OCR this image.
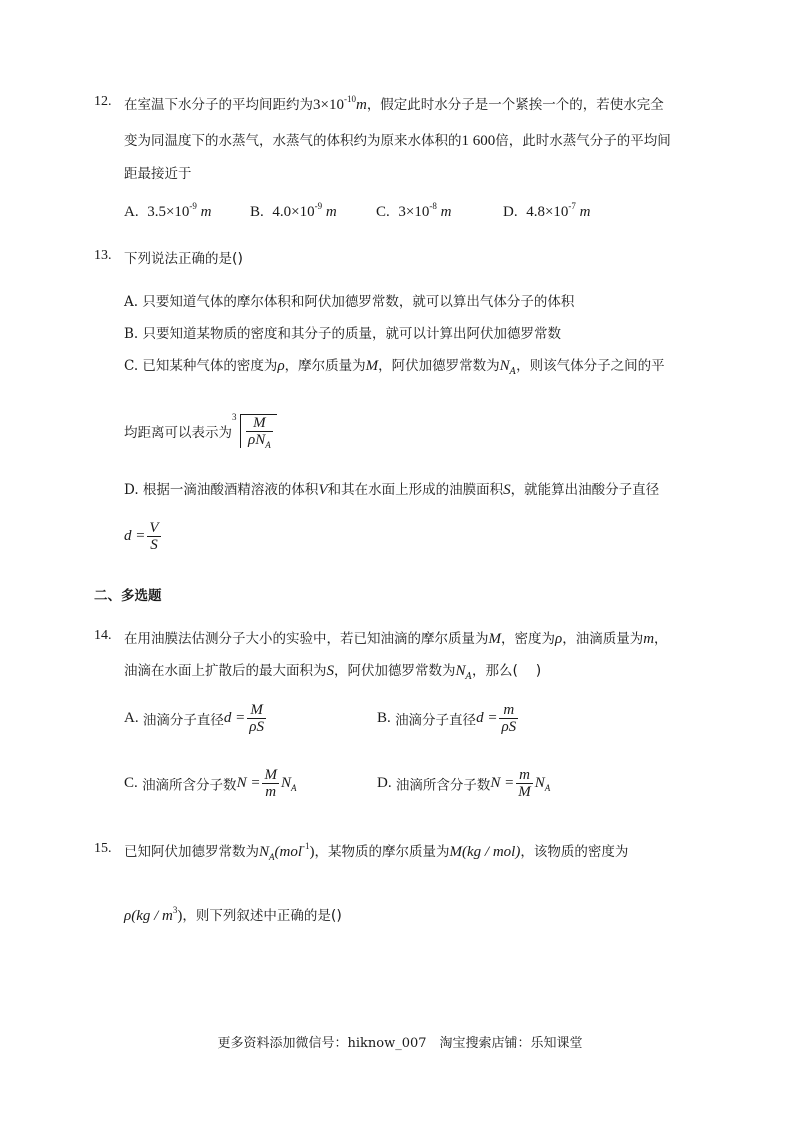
12. 在室温下水分子的平均间距约为$3\times 10^{-10}m$，假定此时水分子是一个紧挨一个的，若使水完全
变为同温度下的水蒸气，水蒸气的体积约为原来水体积的1 600倍，此时水蒸气分子的平均间
距最接近于
A. $3.5\times 10^{-9}$ m	B. $4.0\times 10^{-9}$ m	C. $3\times 10^{-8}$ m	D. $4.8\times 10^{-7}$ m
13. 下列说法正确的是()
A. 只要知道气体的摩尔体积和阿伏加德罗常数，就可以算出气体分子的体积
B. 只要知道某物质的密度和其分子的质量，就可以计算出阿伏加德罗常数
C. 已知某种气体的密度为ρ，摩尔质量为M，阿伏加德罗常数为$N_A$，则该气体分子之间的平
均距离可以表示为
$3 \frac{M}{\rho N_A}$
D. 根据一滴油酸酒精溶液的体积V和其在水面上形成的油膜面积S，就能算出油酸分子直径
$d = \frac{V}{S}$
二、多选题
14. 在用油膜法估测分子大小的实验中，若已知油滴的摩尔质量为M，密度为ρ，油滴质量为m，
油滴在水面上扩散后的最大面积为S，阿伏加德罗常数为$N_A$，那么(    )
A. 油滴分子直径$d = \frac{M}{\rho S}$	B. 油滴分子直径$d = \frac{m}{\rho S}$
C. 油滴所含分子数$N = \frac{M}{m} N_A$	D. 油滴所含分子数$N = \frac{m}{M} N_A$
15. 已知阿伏加德罗常数为$N_A(mol^{-1})$，某物质的摩尔质量为M(kg / mol)，该物质的密度为
$\rho(kg / m^3)$，则下列叙述中正确的是()
更多资料添加微信号：hiknow_007　淘宝搜索店铺：乐知课堂
